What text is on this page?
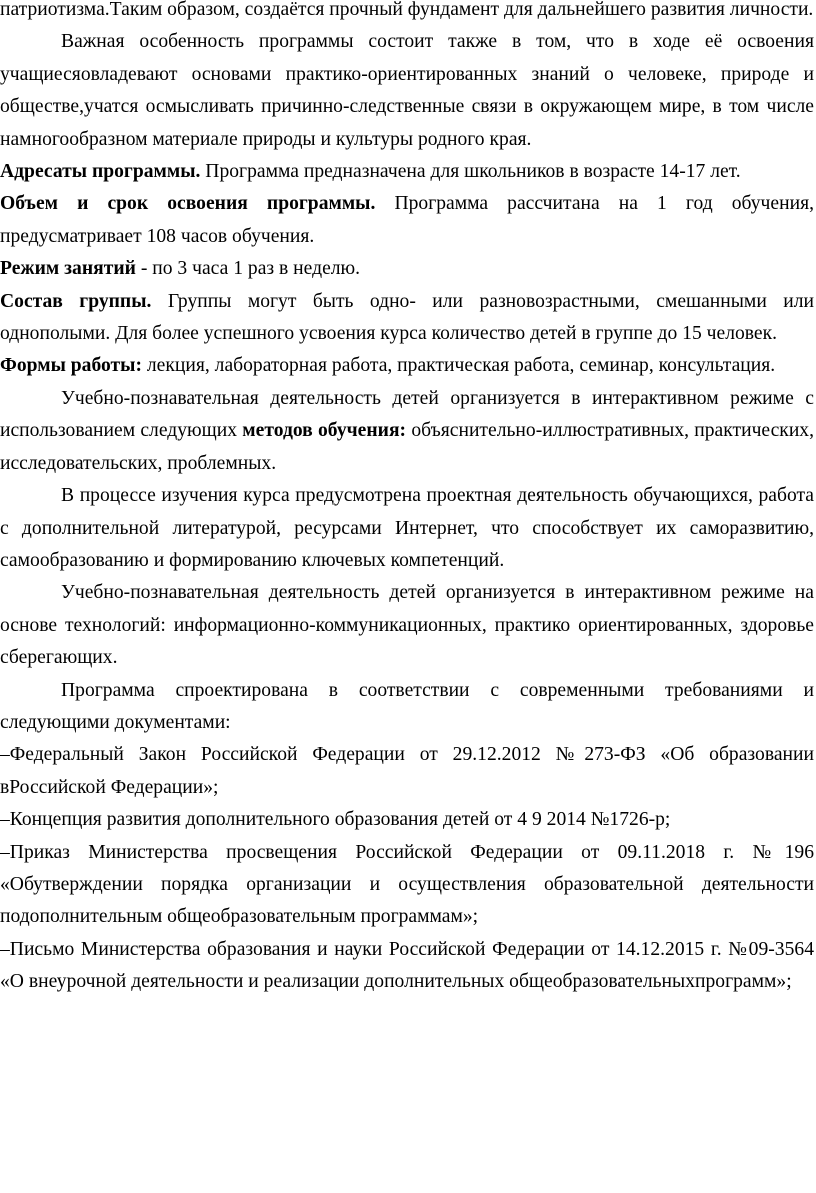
патриотизма.Таким образом, создаётся прочный фундамент для дальнейшего развития личности.

Важная особенность программы состоит также в том, что в ходе её освоения учащиесяовладевают основами практико-ориентированных знаний о человеке, природе и обществе,учатся осмысливать причинно-следственные связи в окружающем мире, в том числе намногообразном материале природы и культуры родного края.

Адресаты программы. Программа предназначена для школьников в возрасте 14-17 лет.

Объем и срок освоения программы. Программа рассчитана на 1 год обучения, предусматривает 108 часов обучения.

Режим занятий - по 3 часа 1 раз в неделю.

Состав группы. Группы могут быть одно- или разновозрастными, смешанными или однополыми. Для более успешного усвоения курса количество детей в группе до 15 человек.

Формы работы: лекция, лабораторная работа, практическая работа, семинар, консультация.

Учебно-познавательная деятельность детей организуется в интерактивном режиме с использованием следующих методов обучения: объяснительно-иллюстративных, практических, исследовательских, проблемных.

В процессе изучения курса предусмотрена проектная деятельность обучающихся, работа с дополнительной литературой, ресурсами Интернет, что способствует их саморазвитию, самообразованию и формированию ключевых компетенций.

Учебно-познавательная деятельность детей организуется в интерактивном режиме на основе технологий: информационно-коммуникационных, практико ориентированных, здоровье сберегающих.

Программа спроектирована в соответствии с современными требованиями и следующими документами:

–Федеральный Закон Российской Федерации от 29.12.2012 №273-ФЗ «Об образовании вРоссийской Федерации»;

–Концепция развития дополнительного образования детей от 4 9 2014 №1726-р;

–Приказ Министерства просвещения Российской Федерации от 09.11.2018 г. №196 «Обутверждении порядка организации и осуществления образовательной деятельности подополнительным общеобразовательным программам»;

–Письмо Министерства образования и науки Российской Федерации от 14.12.2015 г. №09-3564 «О внеурочной деятельности и реализации дополнительных общеобразовательныхпрограмм»;
